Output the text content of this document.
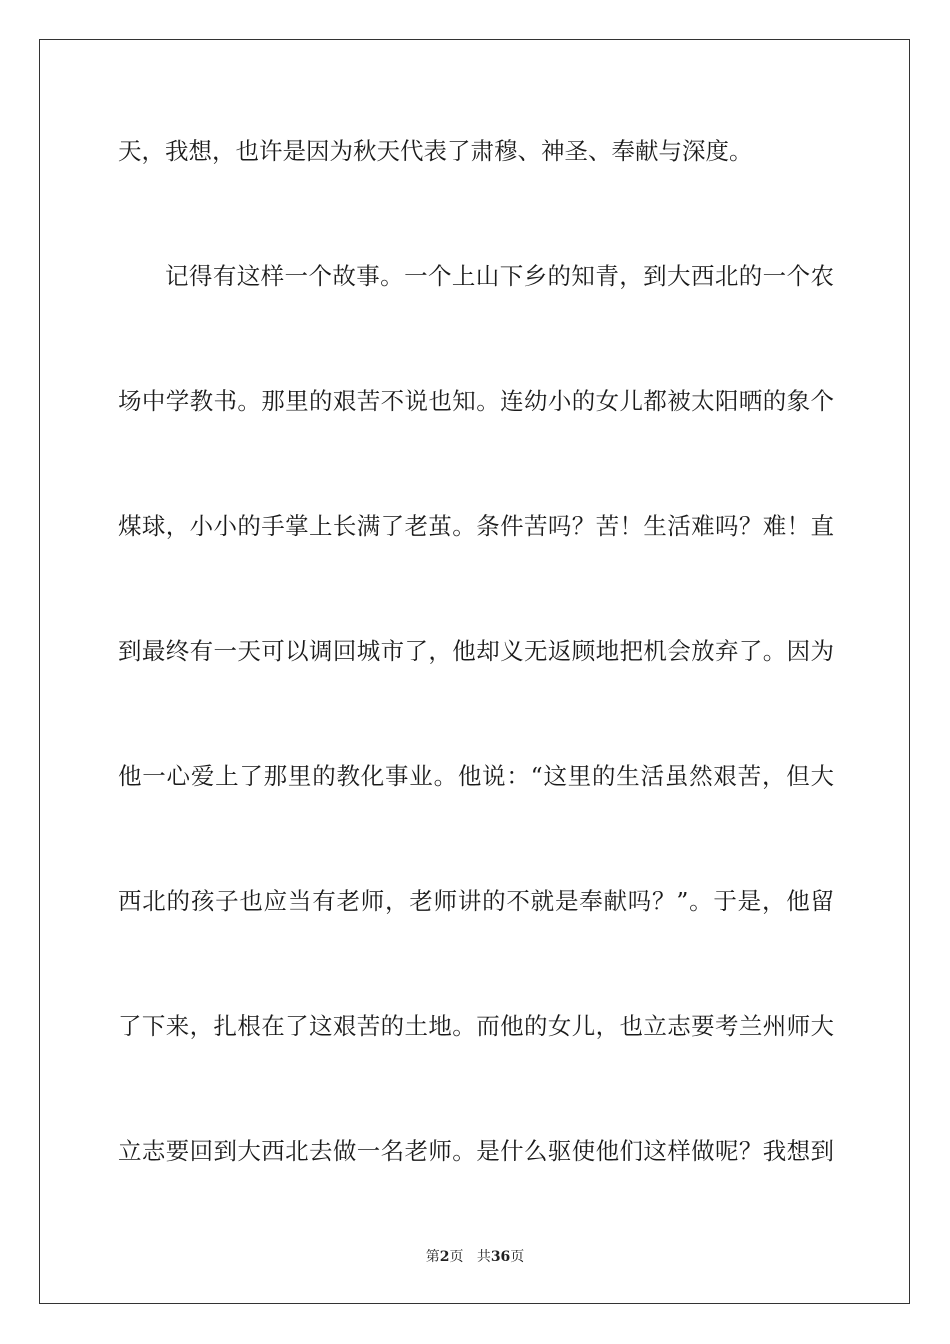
天，我想，也许是因为秋天代表了肃穆、神圣、奉献与深度。
记得有这样一个故事。一个上山下乡的知青，到大西北的一个农
场中学教书。那里的艰苦不说也知。连幼小的女儿都被太阳晒的象个
煤球，小小的手掌上长满了老茧。条件苦吗？苦！生活难吗？难！直
到最终有一天可以调回城市了，他却义无返顾地把机会放弃了。因为
他一心爱上了那里的教化事业。他说：“这里的生活虽然艰苦，但大
西北的孩子也应当有老师，老师讲的不就是奉献吗？”。于是，他留
了下来，扎根在了这艰苦的土地。而他的女儿，也立志要考兰州师大
立志要回到大西北去做一名老师。是什么驱使他们这样做呢？我想到
第2页 共36页
